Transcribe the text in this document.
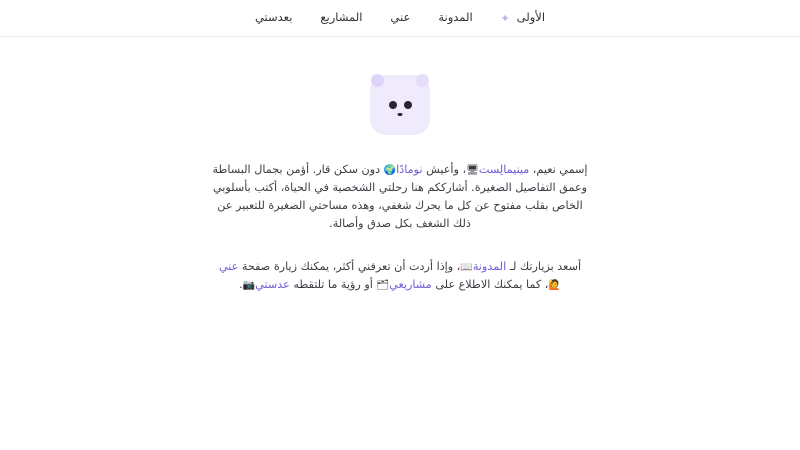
الأولى
✦
المدونة
عني
المشاريع
بعدستي

إسمي نعيم، مينيمالِست🖥، وأعيش نومادًا🌍 دون سكن قار. أؤمن بجمال البساطة وعمق التفاصيل الصغيرة. أشارككم هنا رحلتي الشخصية في الحياة، أكتب بأسلوبي الخاص بقلب مفتوح عن كل ما يحرك شغفي، وهذه مساحتي الصغيرة للتعبير عن ذلك الشغف بكل صدق وأصالة.

أسعد بزيارتك لـ المدونة📖، وإذا أردت أن تعرفني أكثر، يمكنك زيارة صفحة عني🙋، كما يمكنك الاطلاع على مشاريعي🗂 أو رؤية ما تلتقطه عدستي📷.
